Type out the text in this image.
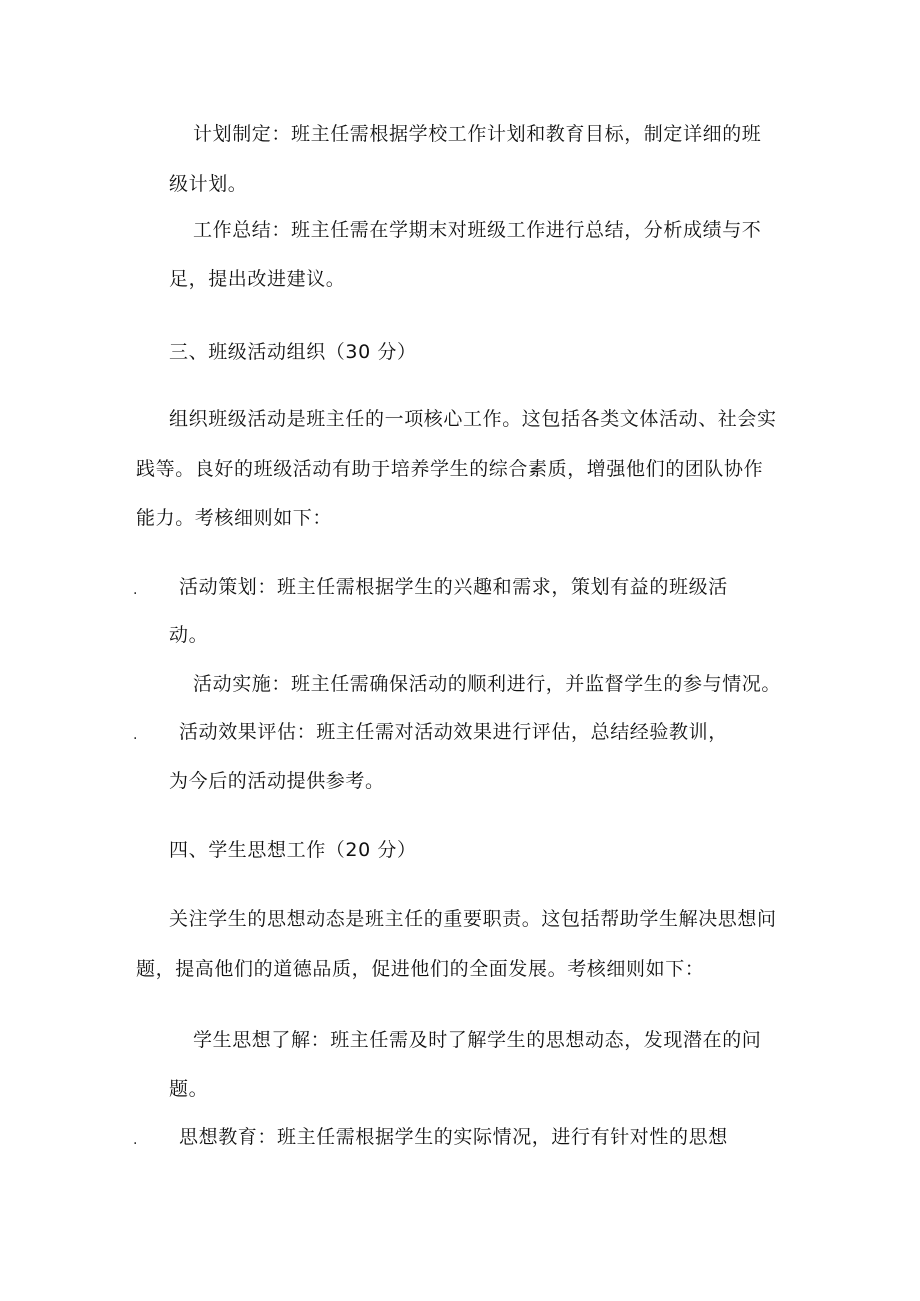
计划制定：班主任需根据学校工作计划和教育目标，制定详细的班
级计划。
工作总结：班主任需在学期末对班级工作进行总结，分析成绩与不
足，提出改进建议。
三、班级活动组织（30 分）
组织班级活动是班主任的一项核心工作。这包括各类文体活动、社会实
践等。良好的班级活动有助于培养学生的综合素质，增强他们的团队协作
能力。考核细则如下：
. 活动策划：班主任需根据学生的兴趣和需求，策划有益的班级活
动。
活动实施：班主任需确保活动的顺利进行，并监督学生的参与情况。
. 活动效果评估：班主任需对活动效果进行评估，总结经验教训，
为今后的活动提供参考。
四、学生思想工作（20 分）
关注学生的思想动态是班主任的重要职责。这包括帮助学生解决思想问
题，提高他们的道德品质，促进他们的全面发展。考核细则如下：
学生思想了解：班主任需及时了解学生的思想动态，发现潜在的问
题。
. 思想教育：班主任需根据学生的实际情况，进行有针对性的思想
